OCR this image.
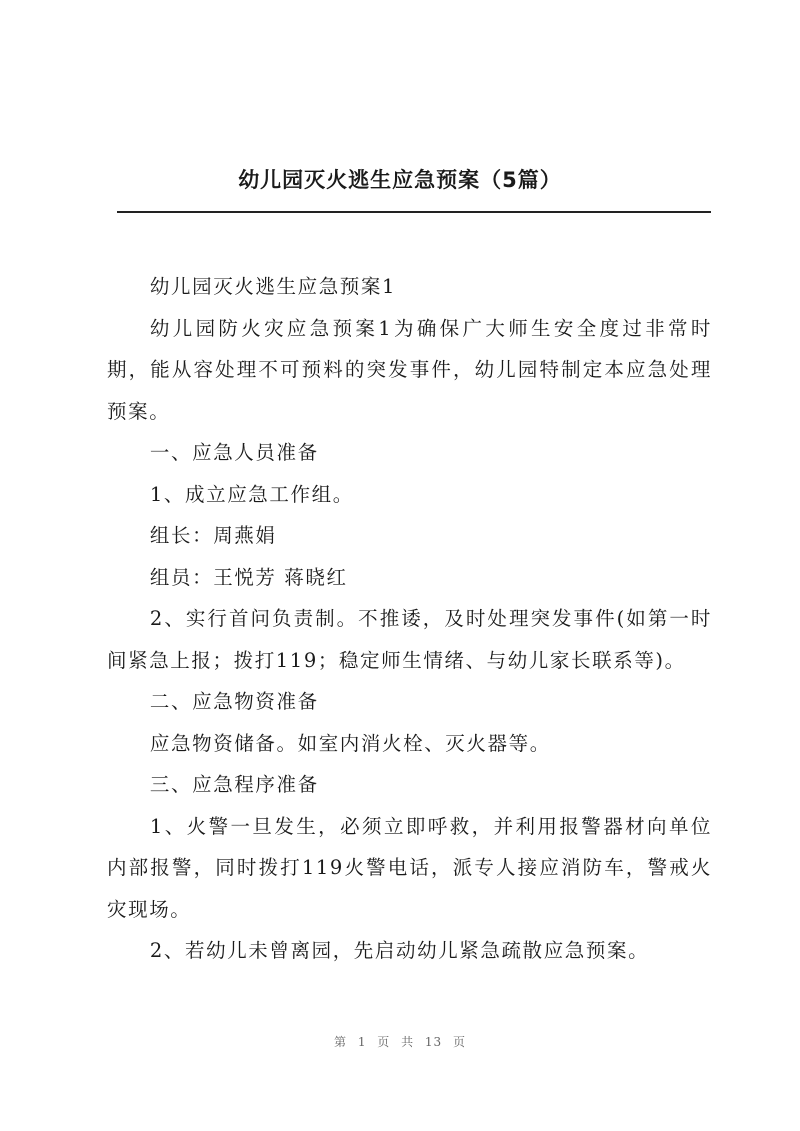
幼儿园灭火逃生应急预案（5篇）

幼儿园灭火逃生应急预案1

幼儿园防火灾应急预案1为确保广大师生安全度过非常时期，能从容处理不可预料的突发事件，幼儿园特制定本应急处理预案。

一、应急人员准备

1、成立应急工作组。

组长：周燕娟

组员：王悦芳 蒋晓红

2、实行首问负责制。不推诿，及时处理突发事件(如第一时间紧急上报；拨打119；稳定师生情绪、与幼儿家长联系等)。

二、应急物资准备

应急物资储备。如室内消火栓、灭火器等。

三、应急程序准备

1、火警一旦发生，必须立即呼救，并利用报警器材向单位内部报警，同时拨打119火警电话，派专人接应消防车，警戒火灾现场。

2、若幼儿未曾离园，先启动幼儿紧急疏散应急预案。

第 1 页 共 13 页
